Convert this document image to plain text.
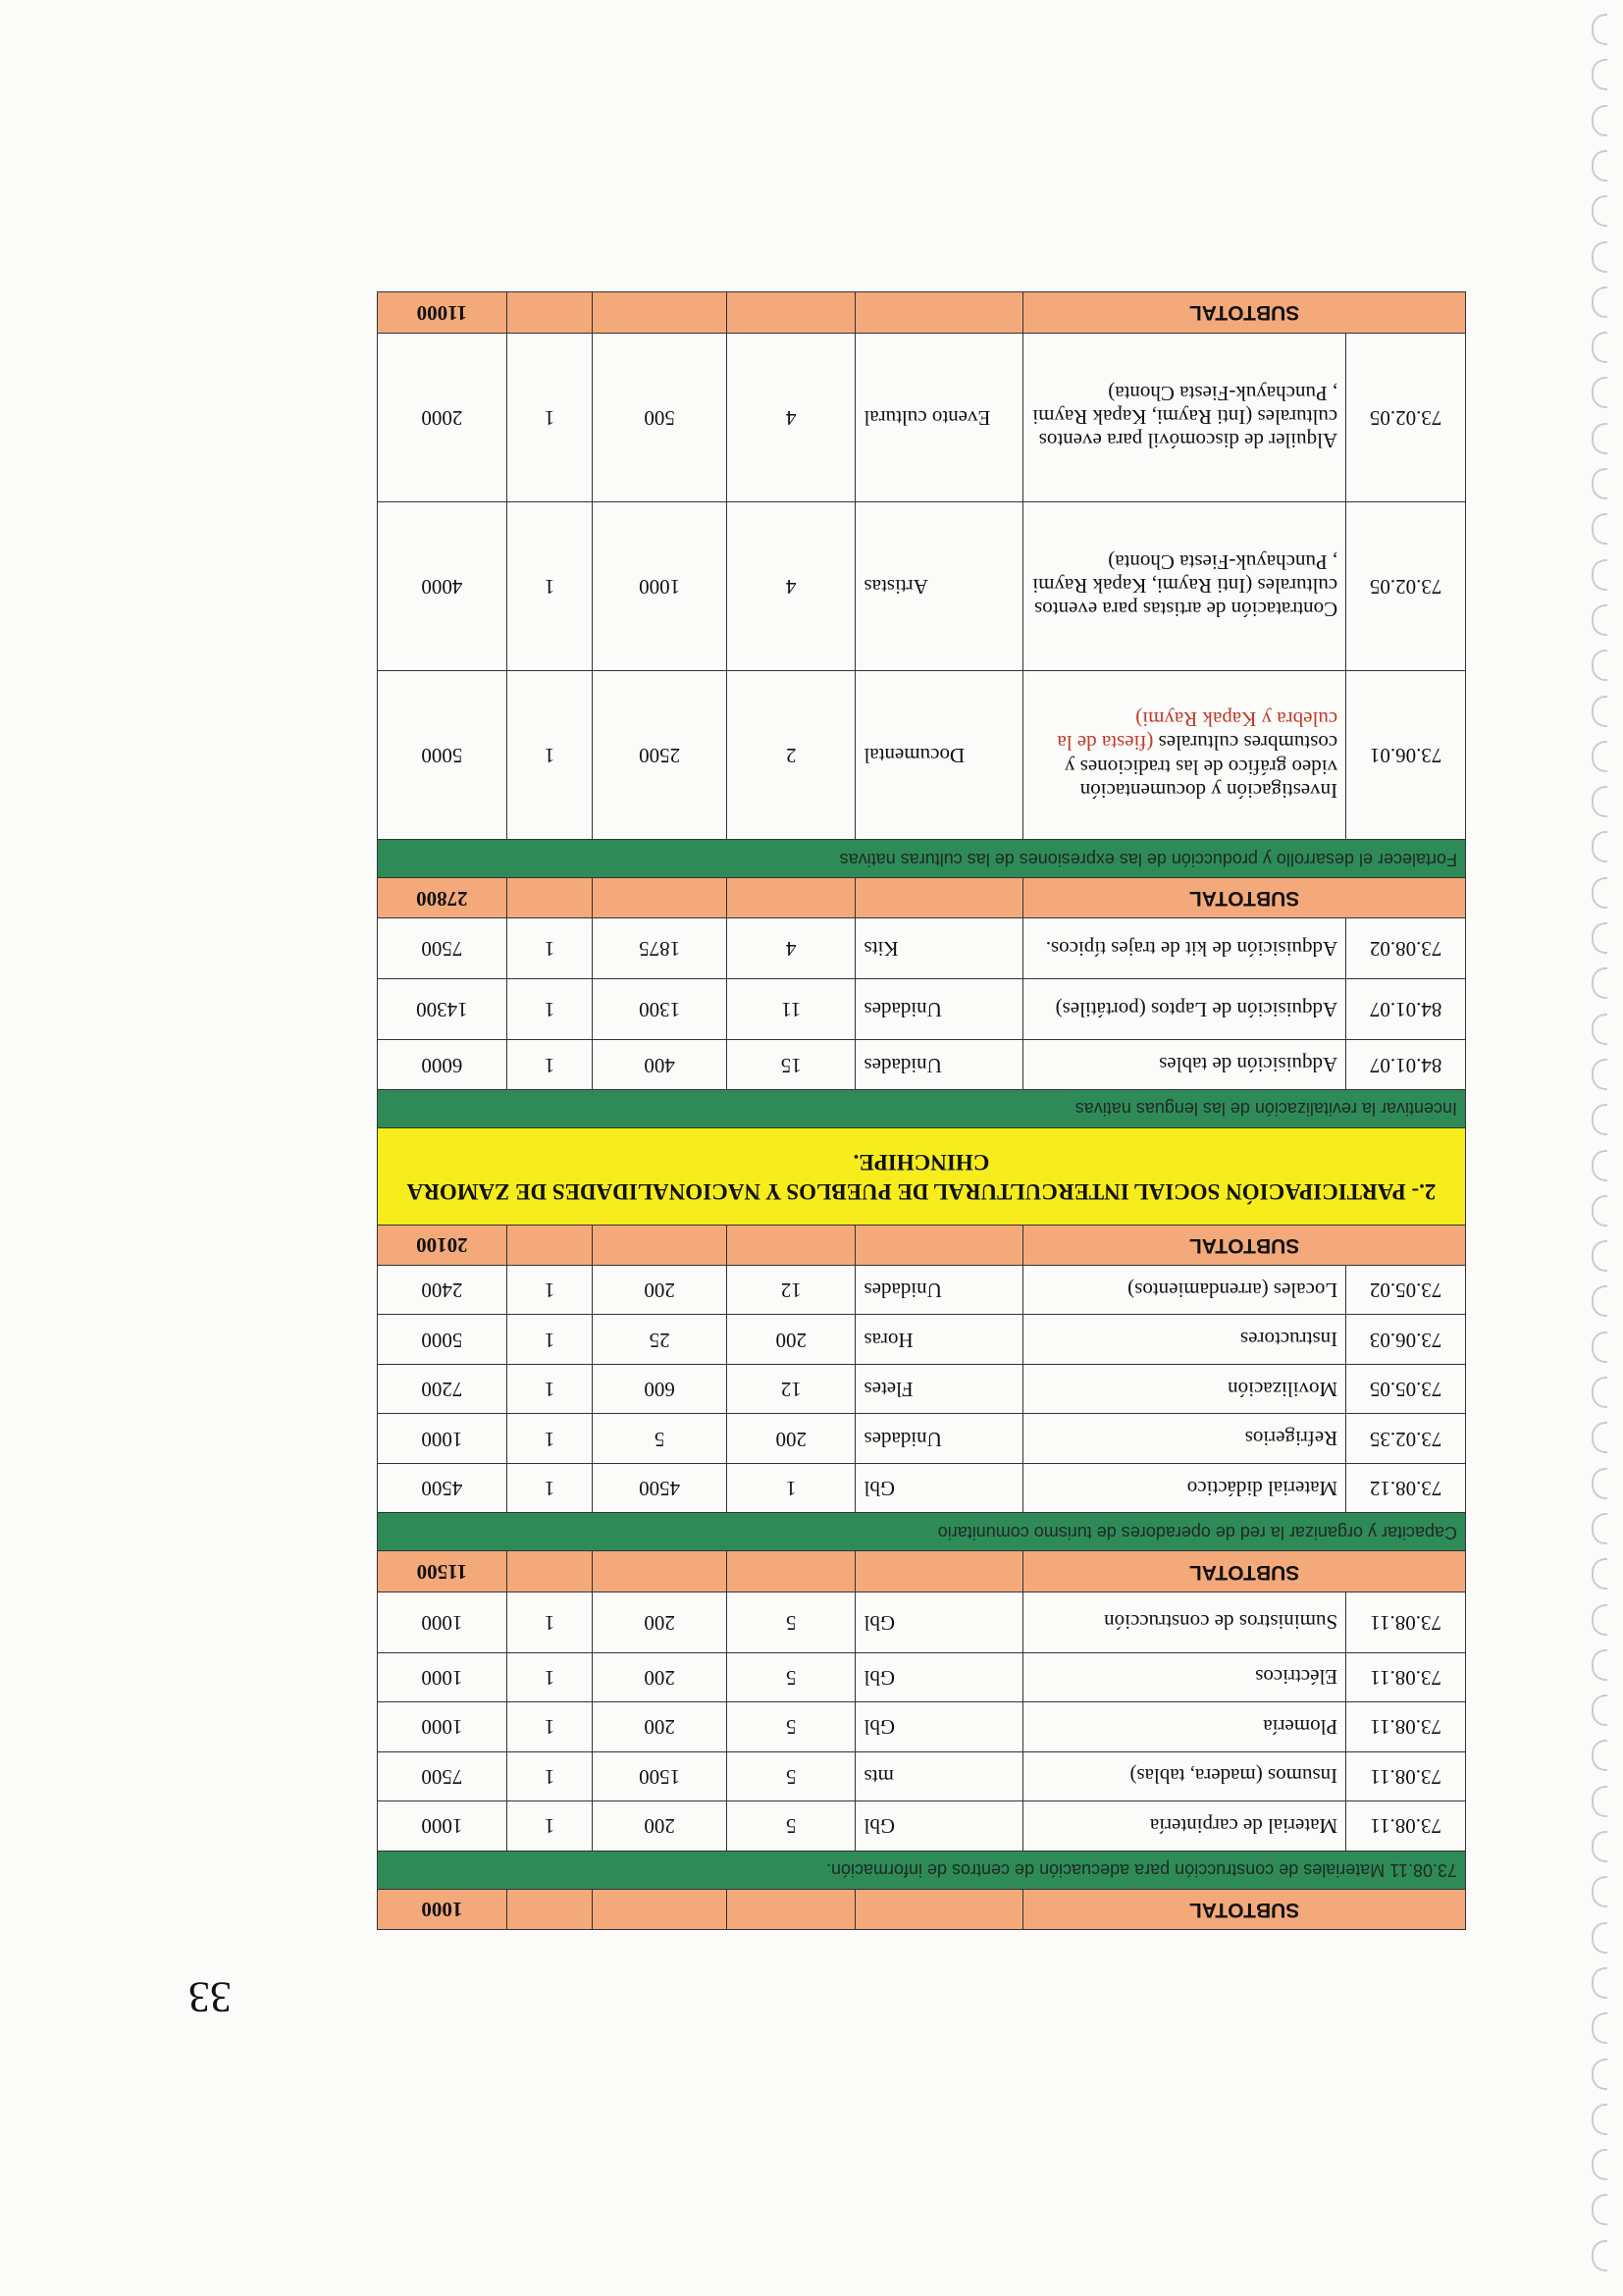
33
SUBTOTAL						1000
73.08.11 Materiales de construcción para adecuación de centros de información.						
73.08.11	Material de carpintería	Gbl	5	200	1	1000
73.08.11	Insumos (madera, tablas)	mts	5	1500	1	7500
73.08.11	Plomería	Gbl	5	200	1	1000
73.08.11	Eléctricos	Gbl	5	200	1	1000
73.08.11	Suministros de construcción	Gbl	5	200	1	1000
SUBTOTAL						11500
Capacitar y organizar la red de operadores de turismo comunitario						
73.08.12	Material didáctico	Gbl	1	4500	1	4500
73.02.35	Refrigerios	Unidades	200	5	1	1000
73.05.05	Movilización	Fletes	12	600	1	7200
73.06.03	Instructores	Horas	200	25	1	5000
73.05.02	Locales (arrendamientos)	Unidades	12	200	1	2400
SUBTOTAL						20100
2.- PARTICIPACIÓN SOCIAL INTERCULTURAL DE PUEBLOS Y NACIONALIDADES DE ZAMORA CHINCHIPE.						
Incentivar la revitalización de las lenguas nativas						
84.01.07	Adquisición de tables	Unidades	15	400	1	6000
84.01.07	Adquisición de Laptos (portátiles)	Unidades	11	1300	1	14300
73.08.02	Adquisición de kit de trajes típicos.	Kits	4	1875	1	7500
SUBTOTAL						27800
Fortalecer el desarrollo y producción de las expresiones de las culturas nativas						
73.06.01	Investigación y documentación video gráfico de las tradiciones y costumbres culturales (fiesta de la culebra y Kapak Raymi)	Documental	2	2500	1	5000
73.02.05	Contratación de artistas para eventos culturales (Inti Raymi, Kapak Raymi , Punchayuk-Fiesta Chonta)	Artistas	4	1000	1	4000
73.02.05	Alquiler de discomóvil para eventos culturales (Inti Raymi, Kapak Raymi , Punchayuk-Fiesta Chonta)	Evento cultural	4	500	1	2000
SUBTOTAL						11000
